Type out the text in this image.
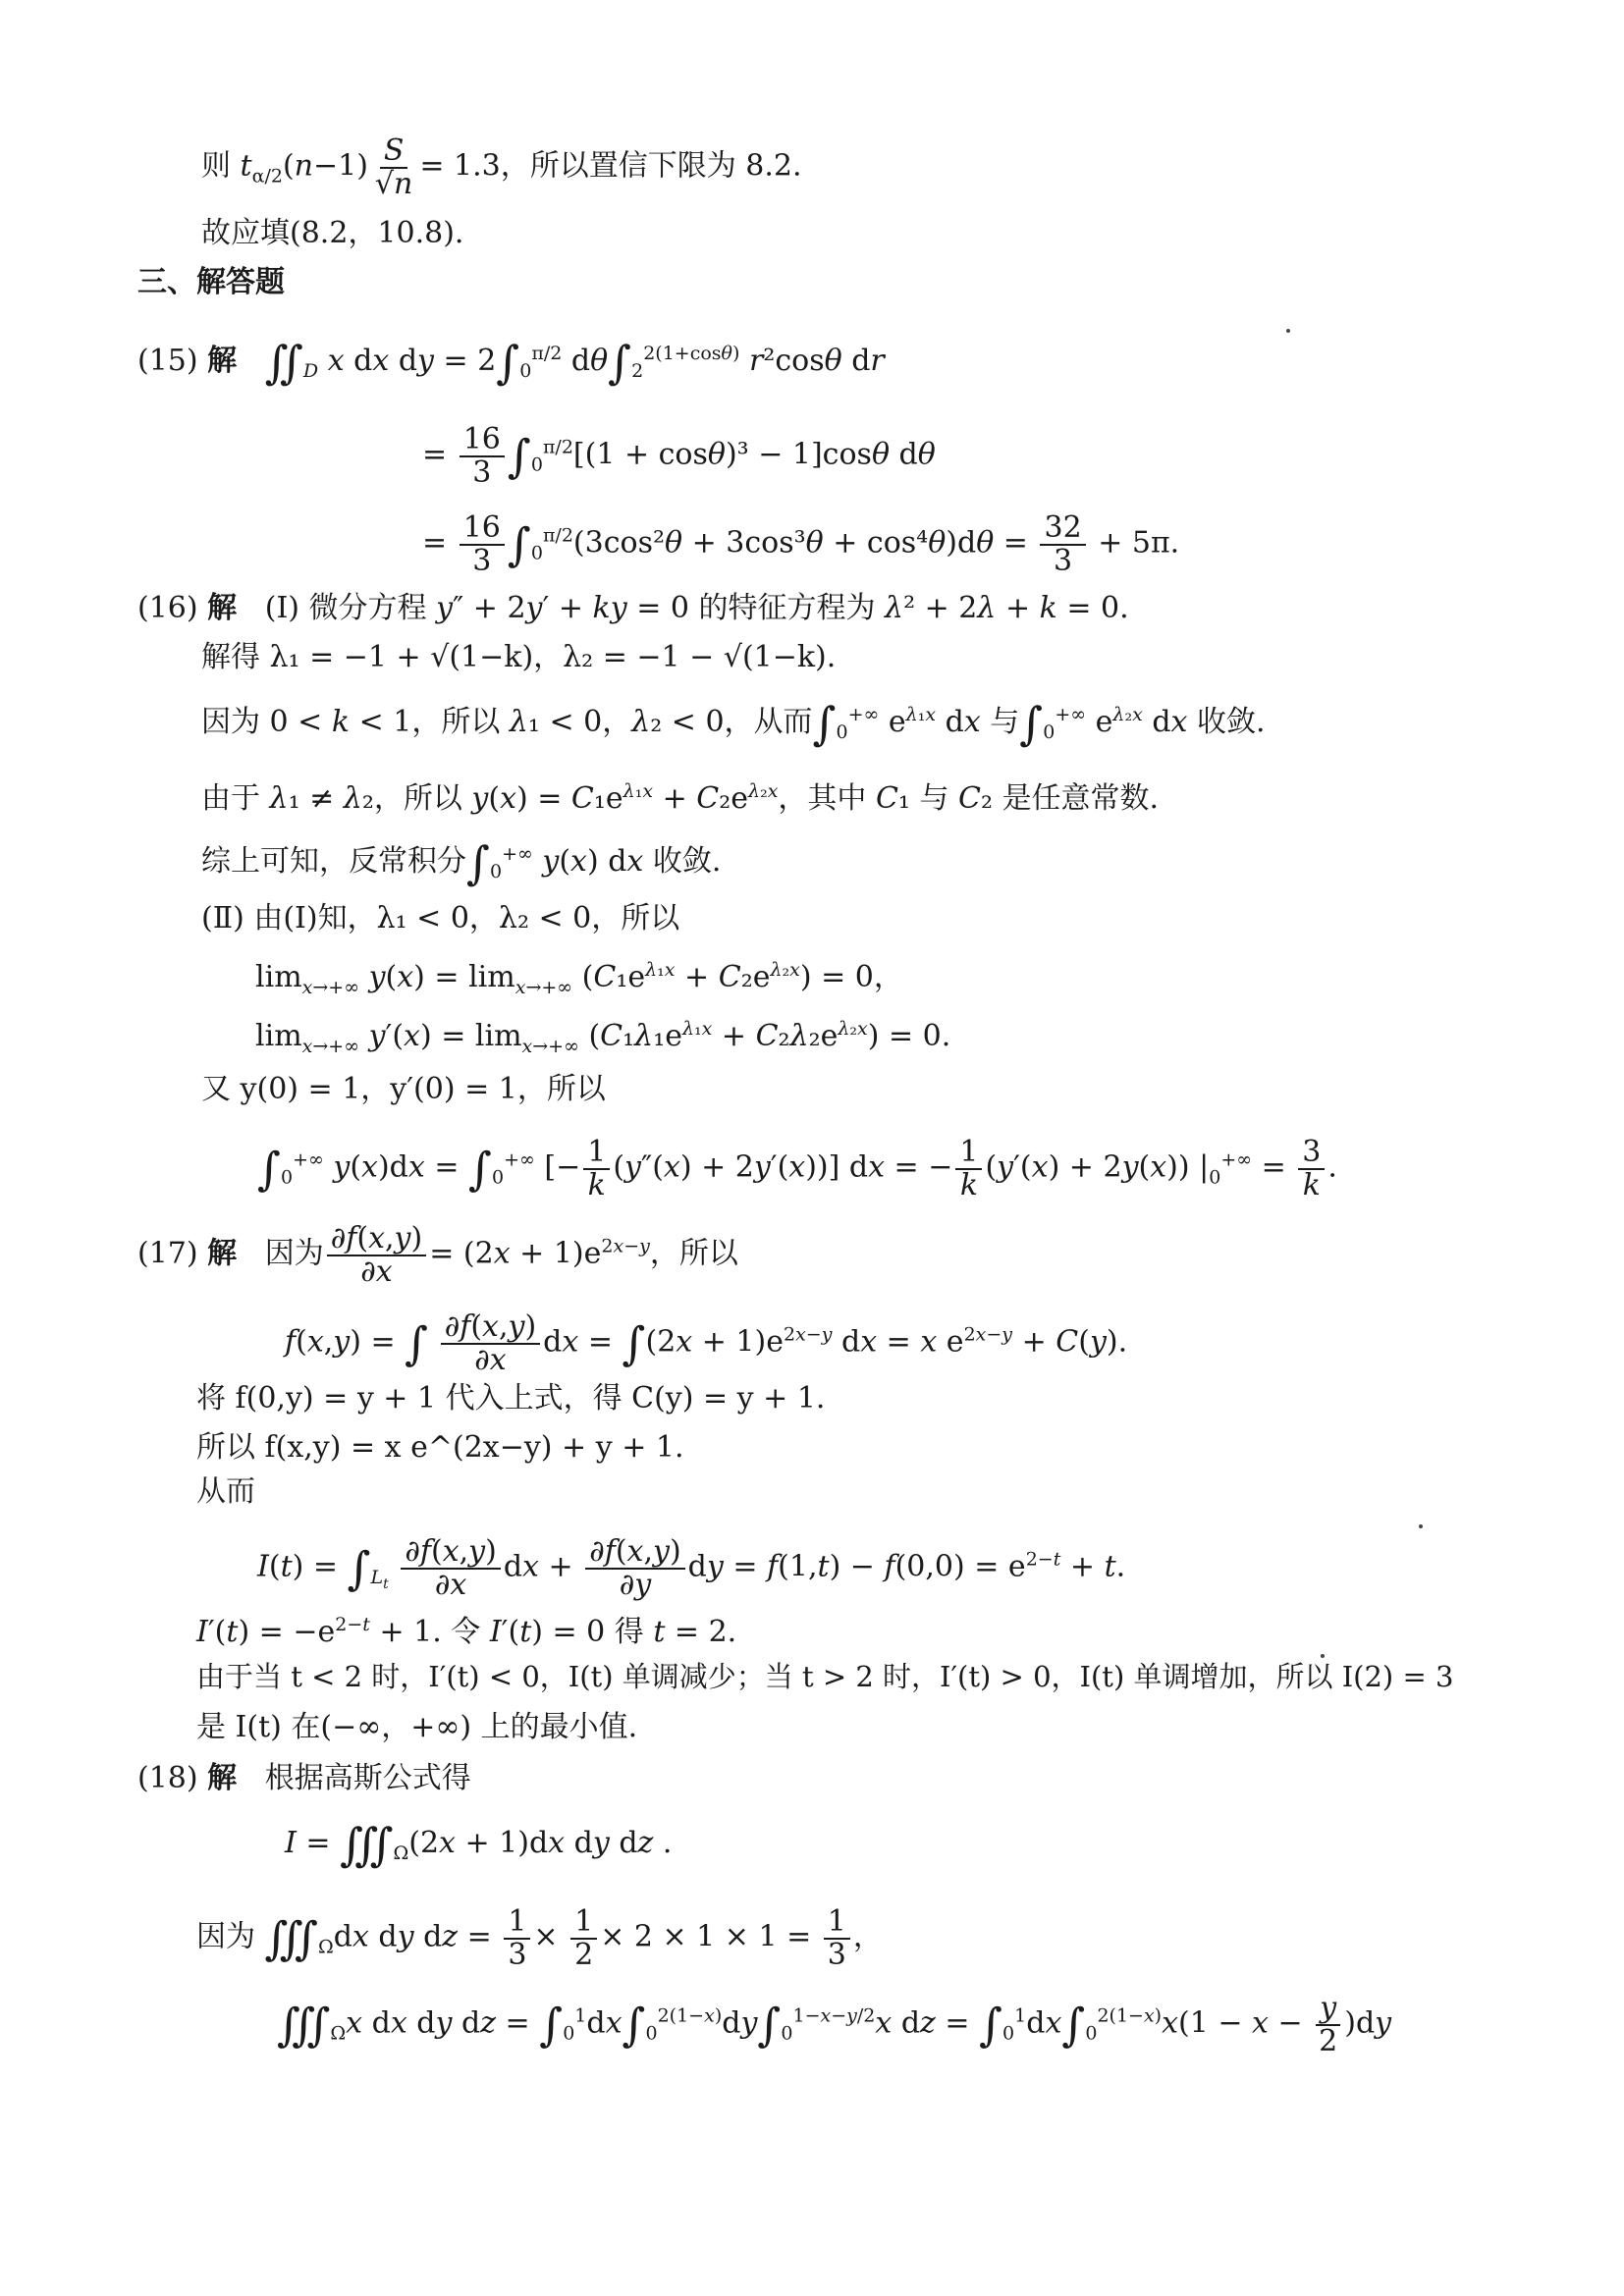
则 $t_{\alpha/2}(n-1) \frac{S}{√n} = 1.3$，所以置信下限为 8.2.
故应填(8.2，10.8).
三、解答题
(15) 解 $∬_D$ x dx dy = $2\int_0^{\pi/2}$ $d\theta\int_2^{2(1+cos\theta)}$ r²cosθ dr
= $\frac{16}{3} \int_0^{\pi/2}[(1 + \cos\theta)^3 - 1]\cos\theta$ dθ
= $\frac{16}{3} \int_0^{\pi/2}(3\cos^2\theta + 3\cos^3\theta + \cos^4\theta)d\theta = \frac{32}{3} + 5\pi$.
(16) 解   (Ⅰ) 微分方程 y″ + 2y′ + ky = 0 的特征方程为 λ² + 2λ + k = 0.
解得 λ₁ = −1 + √(1−k)，λ₂ = −1 − √(1−k).
因为 0 < k < 1，所以 λ₁ < 0，λ₂ < 0，从而$\int_0^{+\infty}$ $e^{\lambda_1x}$ dx 与$\int_0^{+\infty}$ $e^{\lambda_2x}$ dx 收敛.
由于 λ₁ ≠ λ₂，所以 $y(x) = C_1e^{\lambda_1x} + C_2e^{\lambda_2x}$，其中 C₁ 与 C₂ 是任意常数.
综上可知，反常积分$\int_0^{+\infty}$ y(x) dx 收敛.
(Ⅱ) 由(Ⅰ)知，λ₁ < 0，λ₂ < 0，所以
$\lim_{x\to+\infty} y(x) = \lim_{x\to+\infty} (C_1e^{\lambda_1x} + C_2e^{\lambda_2x}) = 0$，
$\lim_{x\to+\infty} y'(x) = \lim_{x\to+\infty} (C_1\lambda_1e^{\lambda_1x} + C_2\lambda_2e^{\lambda_2x}) = 0$.
又 y(0) = 1，y′(0) = 1，所以
$\int_0^{+\infty}$ $y(x)dx = \int_0^{+\infty}$ [− $\frac{1}{k} (y''(x) + 2y'(x))$] dx = − $\frac{1}{k} (y'(x) + 2y(x)) |_0^{+\infty} = \frac{3}{k}$ .
(17) 解   因为 $\frac{\partial f(x,y)}{\partial x} = (2x + 1)e^{2x-y}$，所以
f(x,y) = ∫ $\frac{\partial f(x,y)}{\partial x}$ dx = $\int(2x + 1)e^{2x-y}$ dx = x $e^{2x-y} + C(y)$.
将 f(0,y) = y + 1 代入上式，得 C(y) = y + 1.
所以 f(x,y) = x e^(2x−y) + y + 1.
从而
$I(t) = \int_{L_t} \frac{\partial f(x,y)}{\partial x}$ dx + $\frac{\partial f(x,y)}{\partial y}$ dy = $f(1,t) - f(0,0) = e^{2-t} + t$.
$I'(t) = -e^{2-t} + 1$. 令 I′(t) = 0 得 t = 2.
由于当 t < 2 时，I′(t) < 0，I(t) 单调减少；当 t > 2 时，I′(t) > 0，I(t) 单调增加，所以 I(2) = 3
是 I(t) 在(−∞，+∞) 上的最小值.
(18) 解   根据高斯公式得
$I = ∭_\Omega(2x + 1)dx$ dy dz .
因为 $∭_\Omega dx$ dy dz = $\frac{1}{3} \times \frac{1}{2} \times 2 \times 1 \times 1 = \frac{1}{3}$ ，
$∭_\Omega x$ dx dy dz = $\int_0^1dx\int_0^{2(1-x)}dy\int_0^{1-x-y/2}x$ dz = $\int_0^1dx\int_0^{2(1-x)}x(1 - x - \frac{y}{2} )dy$
